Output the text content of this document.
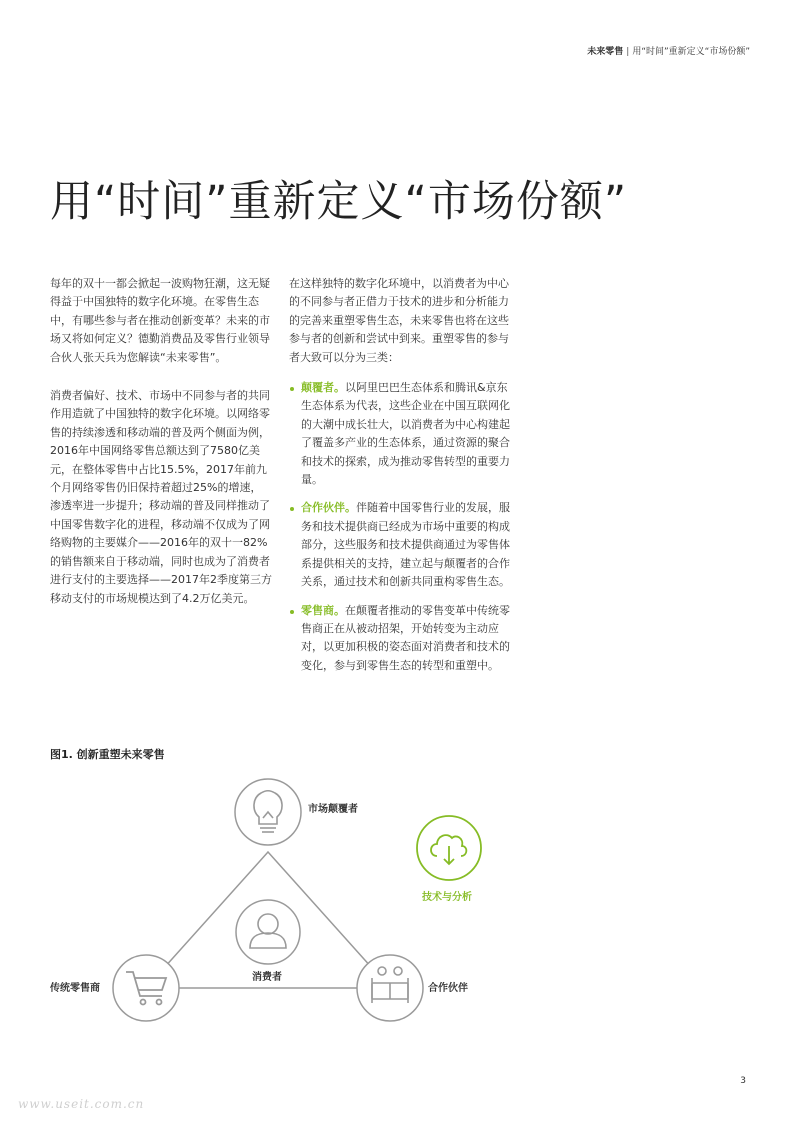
未来零售 | 用“时间”重新定义“市场份额”
用“时间”重新定义“市场份额”

每年的双十一都会掀起一波购物狂潮，这无疑得益于中国独特的数字化环境。在零售生态中，有哪些参与者在推动创新变革？未来的市场又将如何定义？德勤消费品及零售行业领导合伙人张天兵为您解读“未来零售”。

消费者偏好、技术、市场中不同参与者的共同作用造就了中国独特的数字化环境。以网络零售的持续渗透和移动端的普及两个侧面为例，2016年中国网络零售总额达到了7580亿美元，在整体零售中占比15.5%，2017年前九个月网络零售仍旧保持着超过25%的增速，渗透率进一步提升；移动端的普及同样推动了中国零售数字化的进程，移动端不仅成为了网络购物的主要媒介——2016年的双十一82%的销售额来自于移动端，同时也成为了消费者进行支付的主要选择——2017年2季度第三方移动支付的市场规模达到了4.2万亿美元。

在这样独特的数字化环境中，以消费者为中心的不同参与者正借力于技术的进步和分析能力的完善来重塑零售生态，未来零售也将在这些参与者的创新和尝试中到来。重塑零售的参与者大致可以分为三类：

颠覆者。以阿里巴巴生态体系和腾讯&京东生态体系为代表，这些企业在中国互联网化的大潮中成长壮大，以消费者为中心构建起了覆盖多产业的生态体系，通过资源的聚合和技术的探索，成为推动零售转型的重要力量。
合作伙伴。伴随着中国零售行业的发展，服务和技术提供商已经成为市场中重要的构成部分，这些服务和技术提供商通过为零售体系提供相关的支持，建立起与颠覆者的合作关系，通过技术和创新共同重构零售生态。
零售商。在颠覆者推动的零售变革中传统零售商正在从被动招架，开始转变为主动应对，以更加积极的姿态面对消费者和技术的变化，参与到零售生态的转型和重塑中。

图1. 创新重塑未来零售

市场颠覆者
技术与分析
消费者
传统零售商	合作伙伴
3
www.useit.com.cn
